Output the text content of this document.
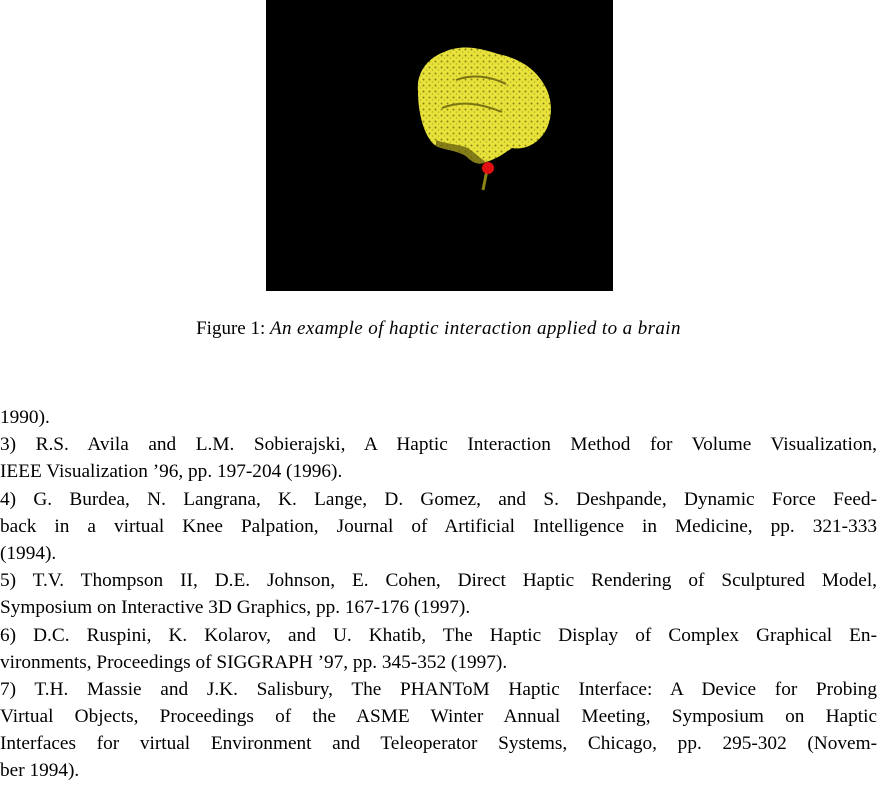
Figure 1: An example of haptic interaction applied to a brain
1990).
3) R.S. Avila and L.M. Sobierajski, A Haptic Interaction Method for Volume Visualization,
IEEE Visualization ’96, pp. 197-204 (1996).
4) G. Burdea, N. Langrana, K. Lange, D. Gomez, and S. Deshpande, Dynamic Force Feed-
back in a virtual Knee Palpation, Journal of Artificial Intelligence in Medicine, pp. 321-333
(1994).
5) T.V. Thompson II, D.E. Johnson, E. Cohen, Direct Haptic Rendering of Sculptured Model,
Symposium on Interactive 3D Graphics, pp. 167-176 (1997).
6) D.C. Ruspini, K. Kolarov, and U. Khatib, The Haptic Display of Complex Graphical En-
vironments, Proceedings of SIGGRAPH ’97, pp. 345-352 (1997).
7) T.H. Massie and J.K. Salisbury, The PHANToM Haptic Interface: A Device for Probing
Virtual Objects, Proceedings of the ASME Winter Annual Meeting, Symposium on Haptic
Interfaces for virtual Environment and Teleoperator Systems, Chicago, pp. 295-302 (Novem-
ber 1994).
